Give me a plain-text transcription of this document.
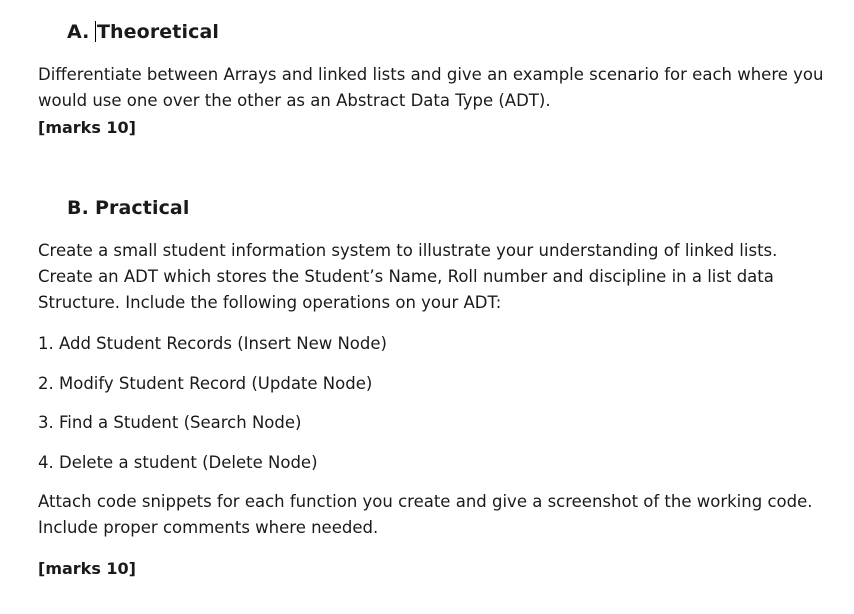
A. Theoretical
Differentiate between Arrays and linked lists and give an example scenario for each where you
would use one over the other as an Abstract Data Type (ADT).
[marks 10]
B. Practical
Create a small student information system to illustrate your understanding of linked lists.
Create an ADT which stores the Student’s Name, Roll number and discipline in a list data
Structure. Include the following operations on your ADT:
1. Add Student Records (Insert New Node)
2. Modify Student Record (Update Node)
3. Find a Student (Search Node)
4. Delete a student (Delete Node)
Attach code snippets for each function you create and give a screenshot of the working code.
Include proper comments where needed.
[marks 10]
